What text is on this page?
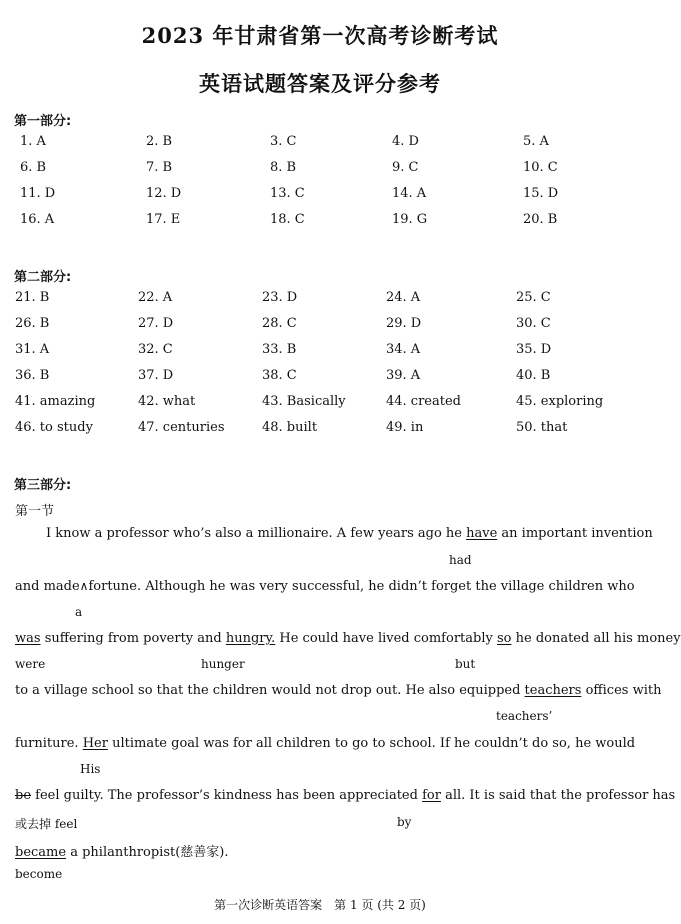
2023 年甘肃省第一次高考诊断考试
英语试题答案及评分参考
第一部分:
1. A	2. B	3. C	4. D	5. A
6. B	7. B	8. B	9. C	10. C
11. D	12. D	13. C	14. A	15. D
16. A	17. E	18. C	19. G	20. B
第二部分:
21. B	22. A	23. D	24. A	25. C
26. B	27. D	28. C	29. D	30. C
31. A	32. C	33. B	34. A	35. D
36. B	37. D	38. C	39. A	40. B
41. amazing	42. what	43. Basically	44. created	45. exploring
46. to study	47. centuries	48. built	49. in	50. that
第三部分:
第一节
I know a professor who’s also a millionaire. A few years ago he have an important invention
had
and made∧fortune. Although he was very successful, he didn’t forget the village children who
a
was suffering from poverty and hungry. He could have lived comfortably so he donated all his money
were	hunger	but
to a village school so that the children would not drop out. He also equipped teachers offices with
teachers’
furniture. Her ultimate goal was for all children to go to school. If he couldn’t do so, he would
His
be feel guilty. The professor’s kindness has been appreciated for all. It is said that the professor has
或去掉 feel	by
became a philanthropist(慈善家).
become
第一次诊断英语答案　第 1 页 (共 2 页)
